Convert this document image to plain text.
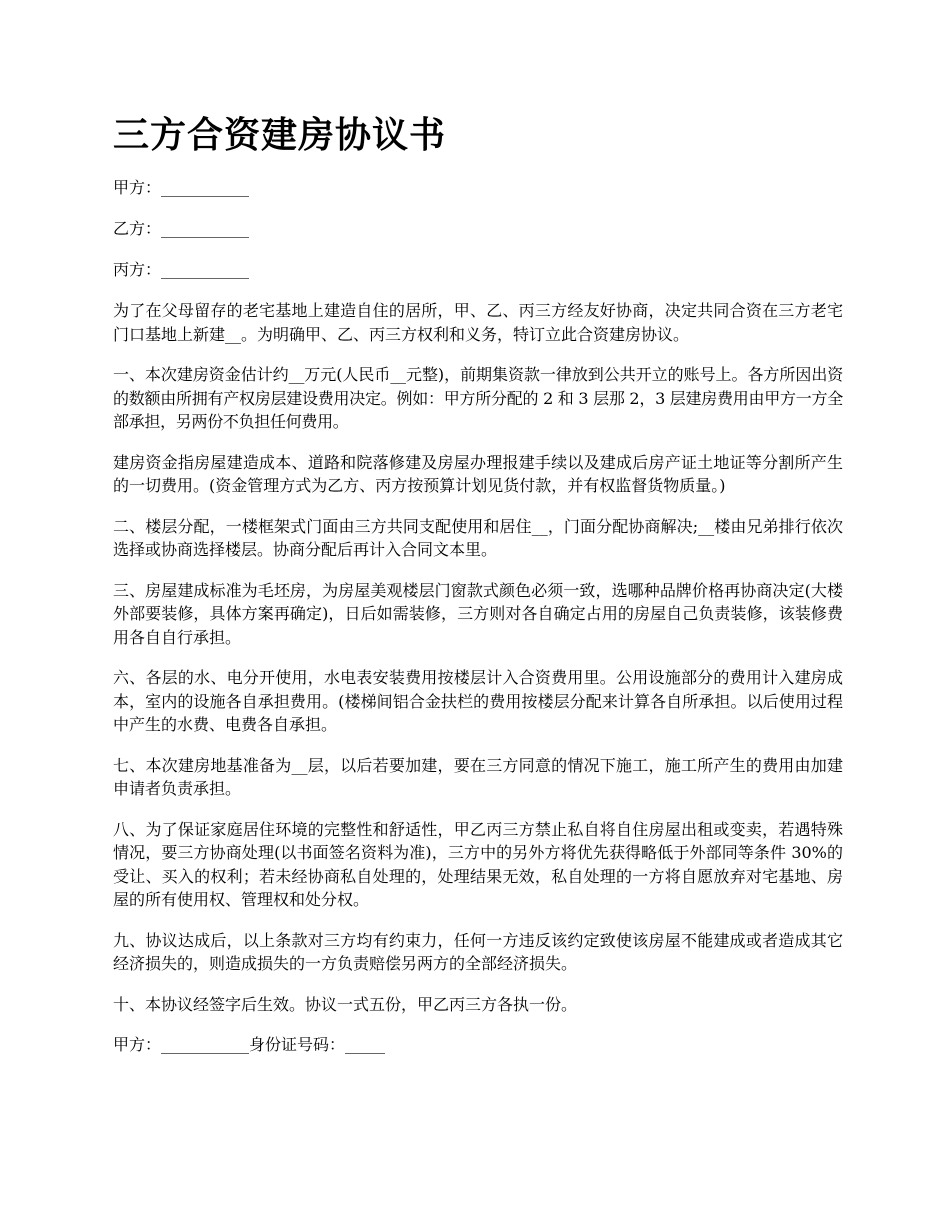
三方合资建房协议书
甲方：___________
乙方：___________
丙方：___________

为了在父母留存的老宅基地上建造自住的居所，甲、乙、丙三方经友好协商，决定共同合资在三方老宅门口基地上新建__。为明确甲、乙、丙三方权利和义务，特订立此合资建房协议。

一、本次建房资金估计约__万元(人民币__元整)，前期集资款一律放到公共开立的账号上。各方所因出资的数额由所拥有产权房层建设费用决定。例如：甲方所分配的 2 和 3 层那 2，3 层建房费用由甲方一方全部承担，另两份不负担任何费用。

建房资金指房屋建造成本、道路和院落修建及房屋办理报建手续以及建成后房产证土地证等分割所产生的一切费用。(资金管理方式为乙方、丙方按预算计划见货付款，并有权监督货物质量。)

二、楼层分配，一楼框架式门面由三方共同支配使用和居住__，门面分配协商解决;__楼由兄弟排行依次选择或协商选择楼层。协商分配后再计入合同文本里。

三、房屋建成标准为毛坯房，为房屋美观楼层门窗款式颜色必须一致，选哪种品牌价格再协商决定(大楼外部要装修，具体方案再确定)，日后如需装修，三方则对各自确定占用的房屋自己负责装修，该装修费用各自自行承担。

六、各层的水、电分开使用，水电表安装费用按楼层计入合资费用里。公用设施部分的费用计入建房成本，室内的设施各自承担费用。(楼梯间铝合金扶栏的费用按楼层分配来计算各自所承担。以后使用过程中产生的水费、电费各自承担。

七、本次建房地基准备为__层，以后若要加建，要在三方同意的情况下施工，施工所产生的费用由加建申请者负责承担。

八、为了保证家庭居住环境的完整性和舒适性，甲乙丙三方禁止私自将自住房屋出租或变卖，若遇特殊情况，要三方协商处理(以书面签名资料为准)，三方中的另外方将优先获得略低于外部同等条件 30%的受让、买入的权利；若未经协商私自处理的，处理结果无效，私自处理的一方将自愿放弃对宅基地、房屋的所有使用权、管理权和处分权。

九、协议达成后，以上条款对三方均有约束力，任何一方违反该约定致使该房屋不能建成或者造成其它经济损失的，则造成损失的一方负责赔偿另两方的全部经济损失。

十、本协议经签字后生效。协议一式五份，甲乙丙三方各执一份。

甲方：___________身份证号码：_____
